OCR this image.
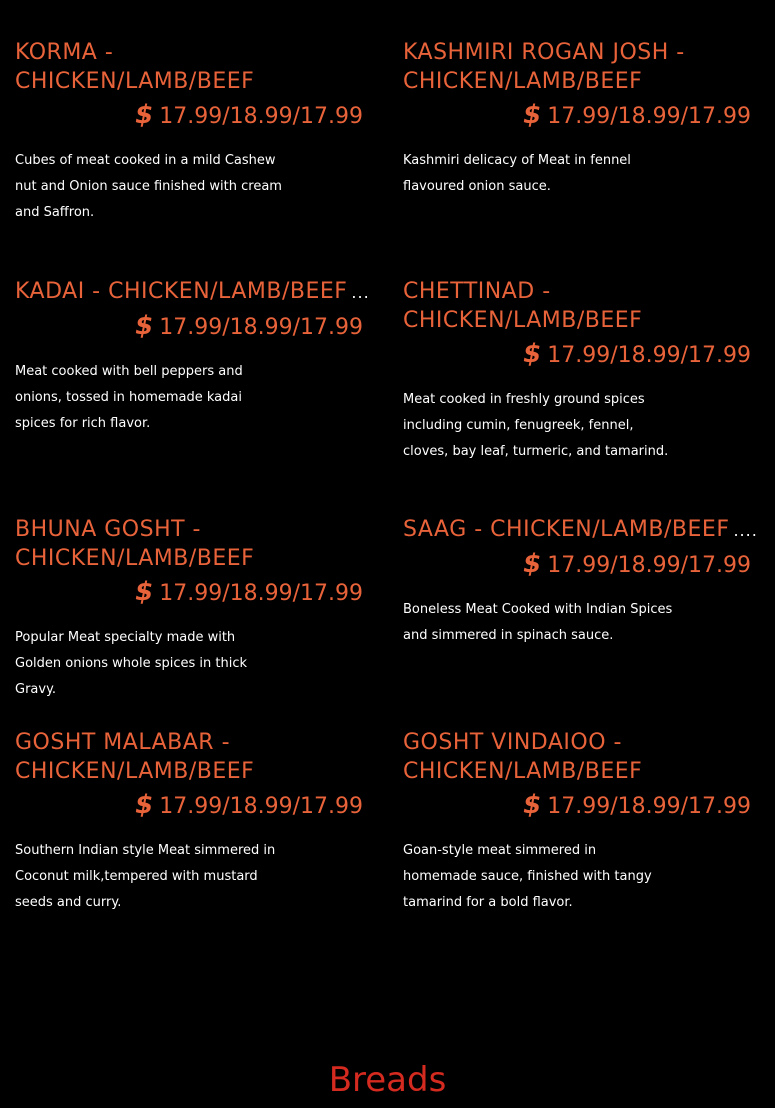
KORMA -
CHICKEN/LAMB/BEEF
$ 17.99/18.99/17.99
Cubes of meat cooked in a mild Cashew nut and Onion sauce finished with cream and Saffron.
KASHMIRI ROGAN JOSH -
CHICKEN/LAMB/BEEF
$ 17.99/18.99/17.99
Kashmiri delicacy of Meat in fennel flavoured onion sauce.
KADAI - CHICKEN/LAMB/BEEF ...
$ 17.99/18.99/17.99
Meat cooked with bell peppers and onions, tossed in homemade kadai spices for rich flavor.
CHETTINAD -
CHICKEN/LAMB/BEEF
$ 17.99/18.99/17.99
Meat cooked in freshly ground spices including cumin, fenugreek, fennel, cloves, bay leaf, turmeric, and tamarind.
BHUNA GOSHT -
CHICKEN/LAMB/BEEF
$ 17.99/18.99/17.99
Popular Meat specialty made with Golden onions whole spices in thick Gravy.
SAAG - CHICKEN/LAMB/BEEF ....
$ 17.99/18.99/17.99
Boneless Meat Cooked with Indian Spices and simmered in spinach sauce.
GOSHT MALABAR -
CHICKEN/LAMB/BEEF
$ 17.99/18.99/17.99
Southern Indian style Meat simmered in Coconut milk,tempered with mustard seeds and curry.
GOSHT VINDAIOO -
CHICKEN/LAMB/BEEF
$ 17.99/18.99/17.99
Goan-style meat simmered in homemade sauce, finished with tangy tamarind for a bold flavor.
Breads
